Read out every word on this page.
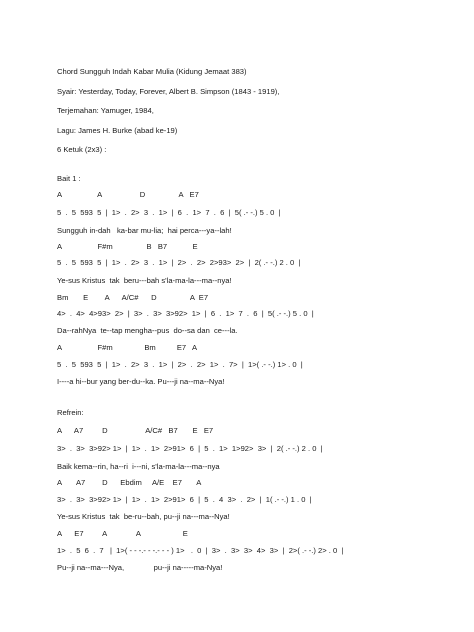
Chord Sungguh Indah Kabar Mulia (Kidung Jemaat 383)
Syair: Yesterday, Today, Forever, Albert B. Simpson (1843 - 1919),
Terjemahan: Yamuger, 1984,
Lagu: James H. Burke (abad ke-19)
6 Ketuk (2x3) :
Bait 1 :
A                 A                  D                A   E7
5  .  5  593  5  |  1>  .  2>  3  .  1>  |  6  .  1>  7  .  6  |  5( .- -.) 5 . 0  |
Sungguh in-dah   ka-bar mu-lia;  hai perca---ya--lah!
A                 F#m                B   B7            E
5  .  5  593  5  |  1>  .  2>  3  .  1>  |  2>  .  2>  2>93>  2>  |  2( .- -.) 2 . 0  |
Ye-sus Kristus  tak  beru---bah s'la-ma-la---ma--nya!
Bm       E        A      A/C#      D                A  E7
4>  .  4>  4>93>  2>  |  3>  .  3>  3>92>  1>  |  6  .  1>  7  .  6  |  5( .- -.) 5 . 0  |
Da--rahNya  te--tap mengha--pus  do--sa dan  ce---la.
A                 F#m               Bm          E7   A
5  .  5  593  5  |  1>  .  2>  3  .  1>  |  2>  .  2>  1>  .  7>  |  1>( .- -.) 1> . 0  |
I----a hi--bur yang ber-du--ka. Pu---ji na--ma--Nya!
Refrein:
A      A7         D                  A/C#   B7       E   E7
3>  .  3>  3>92> 1>  |  1>  .  1>  2>91>  6  |  5  .  1>  1>92>  3>  |  2( .- -.) 2 . 0  |
Baik kema--rin, ha--ri  i---ni, s'la-ma-la---ma--nya
A       A7        D      Ebdim     A/E    E7       A
3>  .  3>  3>92> 1>  |  1>  .  1>  2>91>  6  |  5  .  4  3>  .  2>  |  1( .- -.) 1 . 0  |
Ye-sus Kristus  tak  be-ru--bah, pu--ji na---ma--Nya!
A      E7         A              A                    E
1>  .  5  6  .  7   |  1>( - - -.- - -.- - - ) 1>   .  0  |  3>  .  3>  3>  4>  3>  |  2>( .- -.) 2> . 0  |
Pu--ji na--ma---Nya,              pu--ji na-----ma-Nya!
